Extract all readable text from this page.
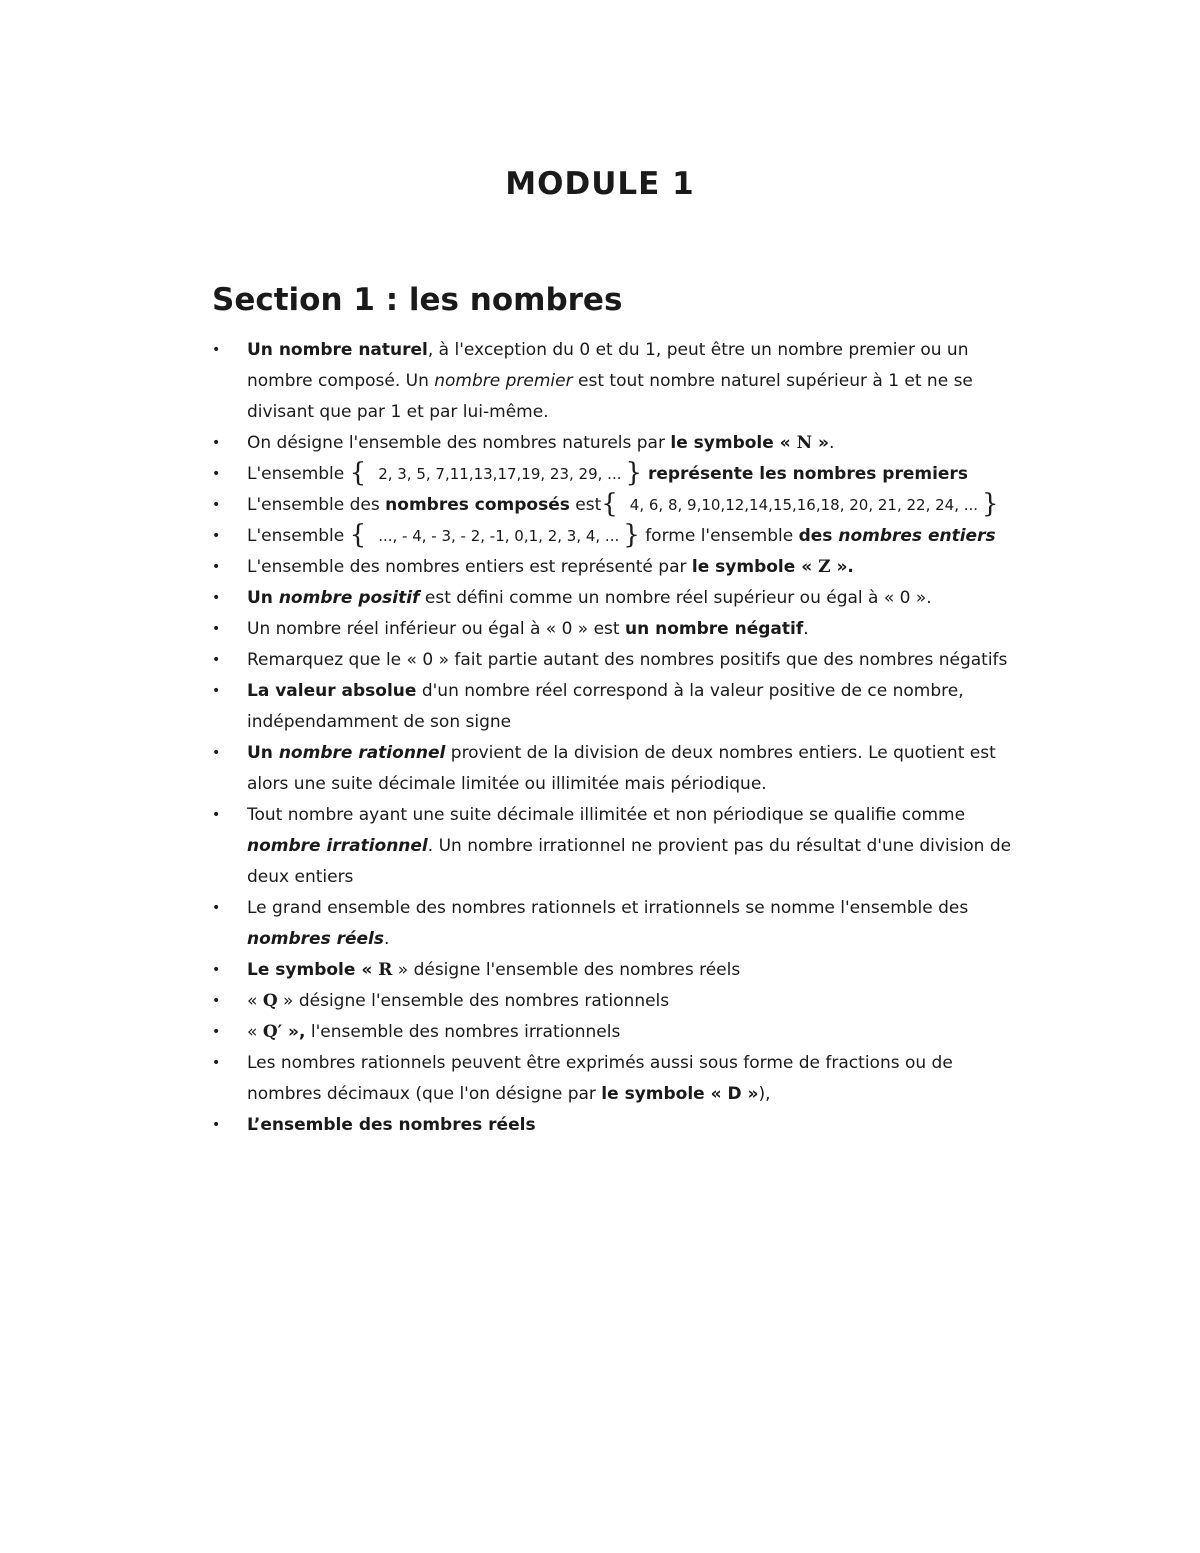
MODULE 1
Section 1 : les nombres
• Un nombre naturel, à l'exception du 0 et du 1, peut être un nombre premier ou un nombre composé. Un nombre premier est tout nombre naturel supérieur à 1 et ne se divisant que par 1 et par lui-même.
• On désigne l'ensemble des nombres naturels par le symbole « N ».
• L'ensemble { 2, 3, 5, 7,11,13,17,19, 23, 29, ... } représente les nombres premiers
• L'ensemble des nombres composés est{ 4, 6, 8, 9,10,12,14,15,16,18, 20, 21, 22, 24, ... }
• L'ensemble { ..., - 4, - 3, - 2, -1, 0,1, 2, 3, 4, ... } forme l'ensemble des nombres entiers
• L'ensemble des nombres entiers est représenté par le symbole « Z ».
• Un nombre positif est défini comme un nombre réel supérieur ou égal à « 0 ».
• Un nombre réel inférieur ou égal à « 0 » est un nombre négatif.
• Remarquez que le « 0 » fait partie autant des nombres positifs que des nombres négatifs
• La valeur absolue d'un nombre réel correspond à la valeur positive de ce nombre, indépendamment de son signe
• Un nombre rationnel provient de la division de deux nombres entiers. Le quotient est alors une suite décimale limitée ou illimitée mais périodique.
• Tout nombre ayant une suite décimale illimitée et non périodique se qualifie comme nombre irrationnel. Un nombre irrationnel ne provient pas du résultat d'une division de deux entiers
• Le grand ensemble des nombres rationnels et irrationnels se nomme l'ensemble des nombres réels.
• Le symbole « R » désigne l'ensemble des nombres réels
• « Q » désigne l'ensemble des nombres rationnels
• « Q′ », l'ensemble des nombres irrationnels
• Les nombres rationnels peuvent être exprimés aussi sous forme de fractions ou de nombres décimaux (que l'on désigne par le symbole « D »),
• L’ensemble des nombres réels
